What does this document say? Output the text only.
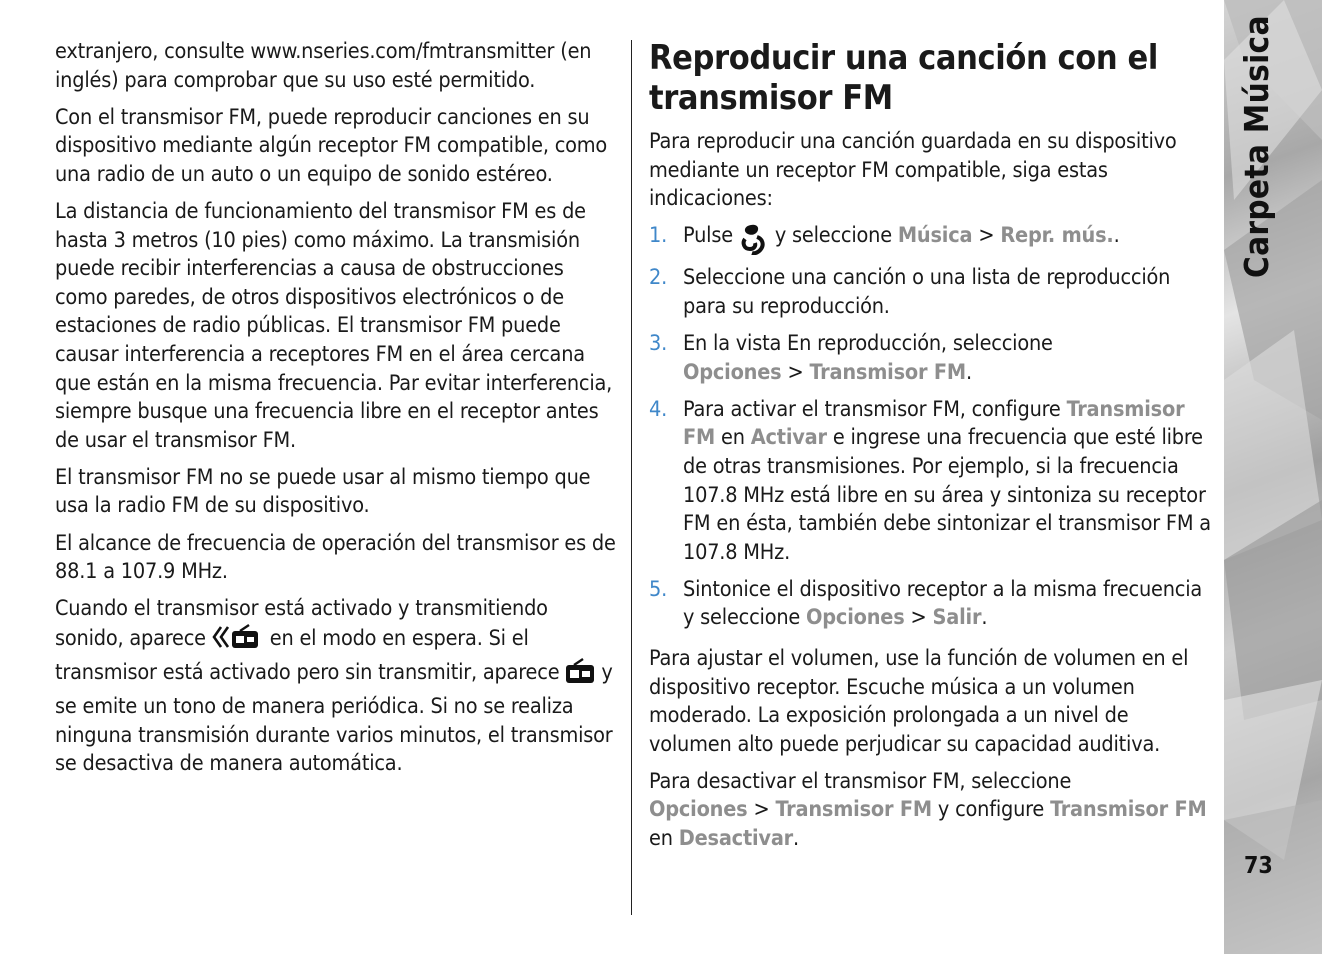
extranjero, consulte www.nseries.com/fmtransmitter (en inglés) para comprobar que su uso esté permitido.

Con el transmisor FM, puede reproducir canciones en su dispositivo mediante algún receptor FM compatible, como una radio de un auto o un equipo de sonido estéreo.

La distancia de funcionamiento del transmisor FM es de hasta 3 metros (10 pies) como máximo. La transmisión puede recibir interferencias a causa de obstrucciones como paredes, de otros dispositivos electrónicos o de estaciones de radio públicas. El transmisor FM puede causar interferencia a receptores FM en el área cercana que están en la misma frecuencia. Par evitar interferencia, siempre busque una frecuencia libre en el receptor antes de usar el transmisor FM.

El transmisor FM no se puede usar al mismo tiempo que usa la radio FM de su dispositivo.

El alcance de frecuencia de operación del transmisor es de 88.1 a 107.9 MHz.

Cuando el transmisor está activado y transmitiendo sonido, aparece	en el modo en espera. Si el transmisor está activado pero sin transmitir, aparece y se emite un tono de manera periódica. Si no se realiza ninguna transmisión durante varios minutos, el transmisor se desactiva de manera automática.

Reproducir una canción con el transmisor FM

Para reproducir una canción guardada en su dispositivo mediante un receptor FM compatible, siga estas indicaciones:

1. Pulse y seleccione Música > Repr. mús..
2. Seleccione una canción o una lista de reproducción para su reproducción.
3. En la vista En reproducción, seleccione Opciones > Transmisor FM.
4. Para activar el transmisor FM, configure Transmisor FM en Activar e ingrese una frecuencia que esté libre de otras transmisiones. Por ejemplo, si la frecuencia 107.8 MHz está libre en su área y sintoniza su receptor FM en ésta, también debe sintonizar el transmisor FM a 107.8 MHz.
5. Sintonice el dispositivo receptor a la misma frecuencia y seleccione Opciones > Salir.

Para ajustar el volumen, use la función de volumen en el dispositivo receptor. Escuche música a un volumen moderado. La exposición prolongada a un nivel de volumen alto puede perjudicar su capacidad auditiva.

Para desactivar el transmisor FM, seleccione Opciones > Transmisor FM y configure Transmisor FM en Desactivar.

Carpeta Música
73
